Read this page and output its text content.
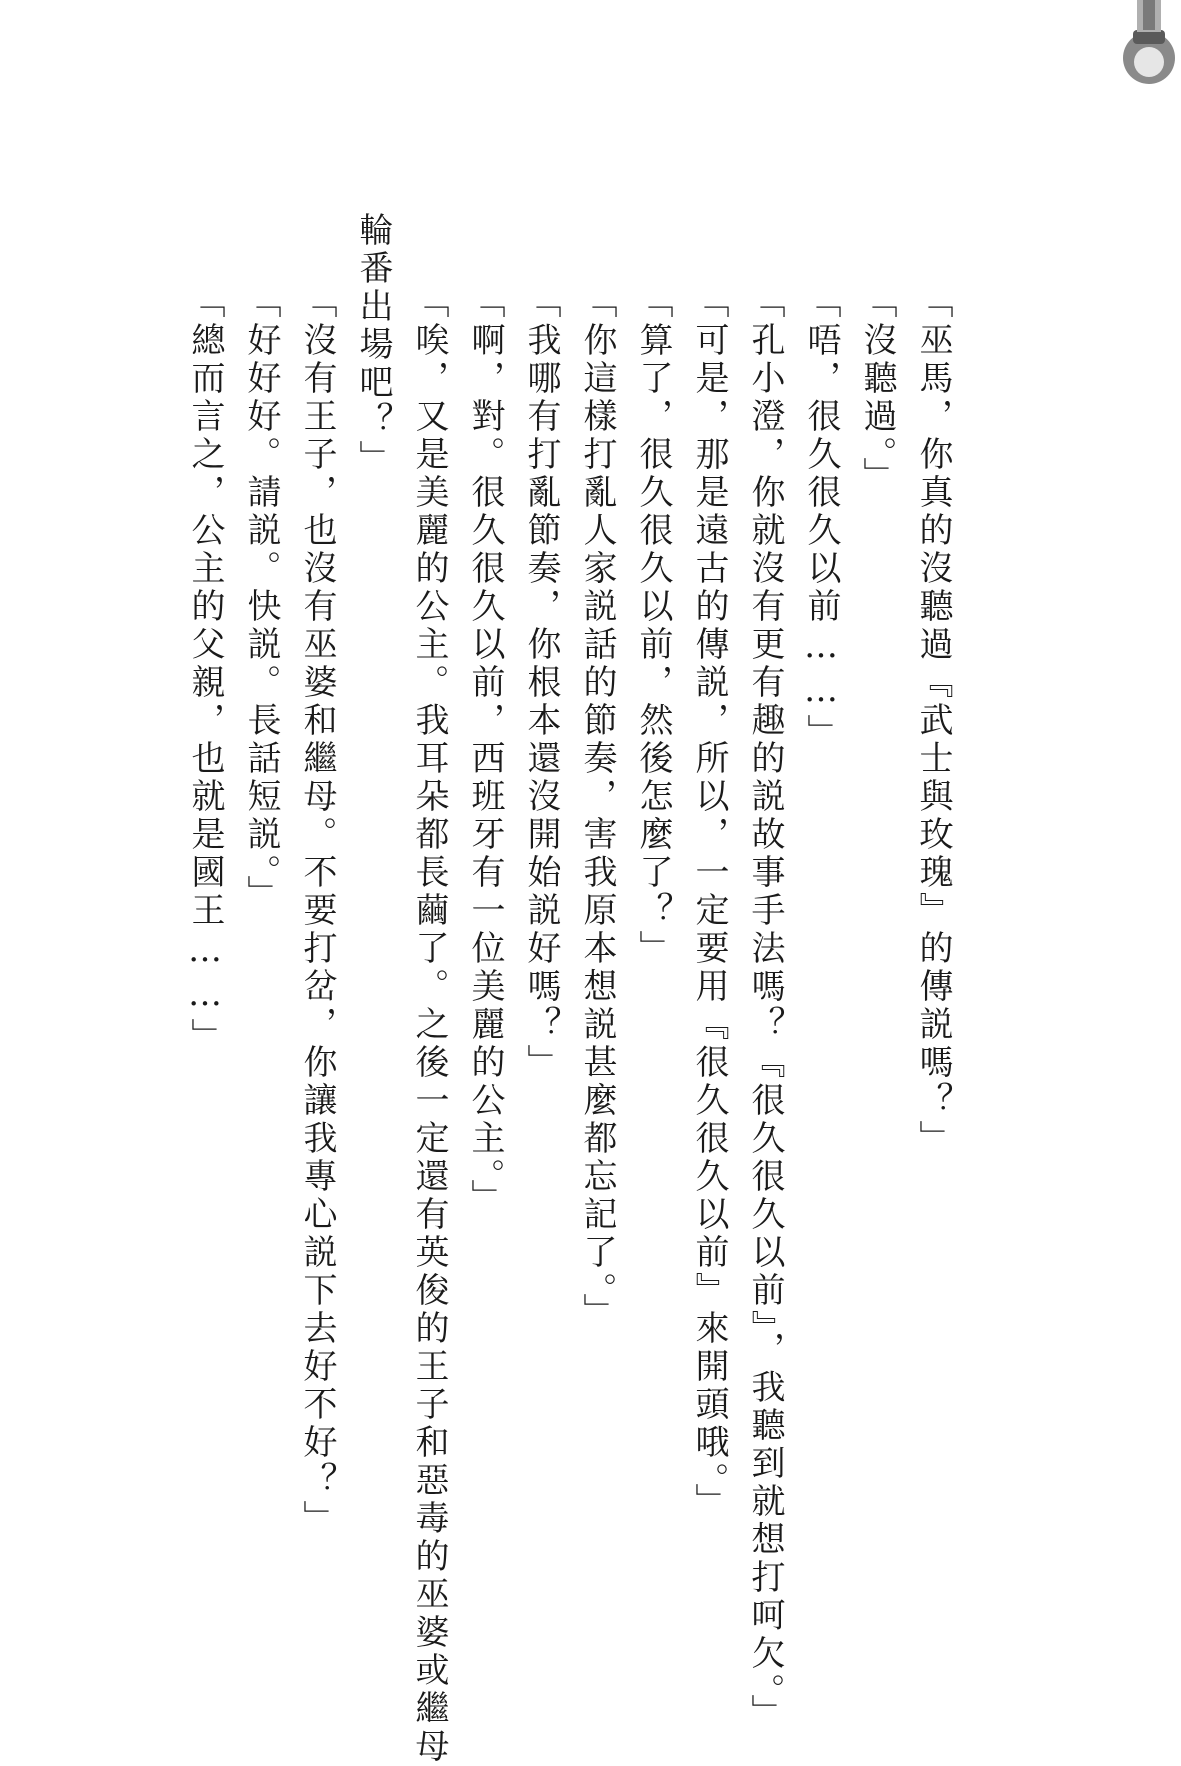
「巫馬，你真的沒聽過『武士與玫瑰』的傳説嗎？」
「沒聽過。」
「唔，很久很久以前……」
「孔小澄，你就沒有更有趣的説故事手法嗎？『很久很久以前』，我聽到就想打呵欠。」
「可是，那是遠古的傳説，所以，一定要用『很久很久以前』來開頭哦。」
「算了，很久很久以前，然後怎麼了？」
「你這樣打亂人家説話的節奏，害我原本想説甚麼都忘記了。」
「我哪有打亂節奏，你根本還沒開始説好嗎？」
「啊，對。很久很久以前，西班牙有一位美麗的公主。」
「唉，又是美麗的公主。我耳朵都長繭了。之後一定還有英俊的王子和惡毒的巫婆或繼母
輪番出場吧？」
「沒有王子，也沒有巫婆和繼母。不要打岔，你讓我專心説下去好不好？」
「好好好。請説。快説。長話短説。」
「總而言之，公主的父親，也就是國王……」
